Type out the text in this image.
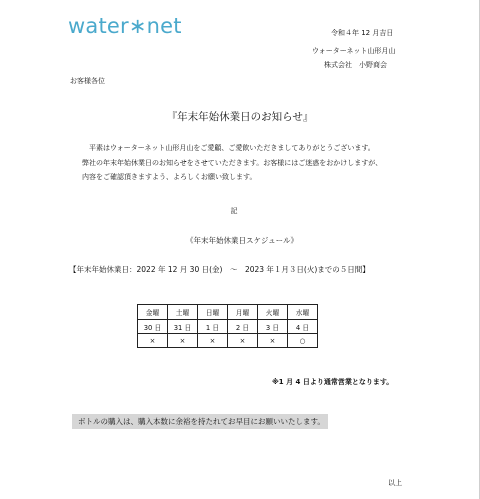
water∗net	令和４年 12 月吉日
ウォーターネット山形月山
株式会社　小野商会
お客様各位
『年末年始休業日のお知らせ』
平素はウォーターネット山形月山をご愛顧、ご愛飲いただきましてありがとうございます。
弊社の年末年始休業日のお知らせをさせていただきます。お客様にはご迷惑をおかけしますが、
内容をご確認頂きますよう、よろしくお願い致します。
記
《年末年始休業日スケジュール》
【年末年始休業日：2022 年 12 月 30 日(金)　～　2023 年１月３日(火)までの５日間】
金曜	土曜	日曜	月曜	火曜	水曜
30 日	31 日	1 日	2 日	3 日	4 日
×	×	×	×	×	○
※1 月 4 日より通常営業となります。
ボトルの購入は、購入本数に余裕を持たれてお早目にお願いいたします。
以上
